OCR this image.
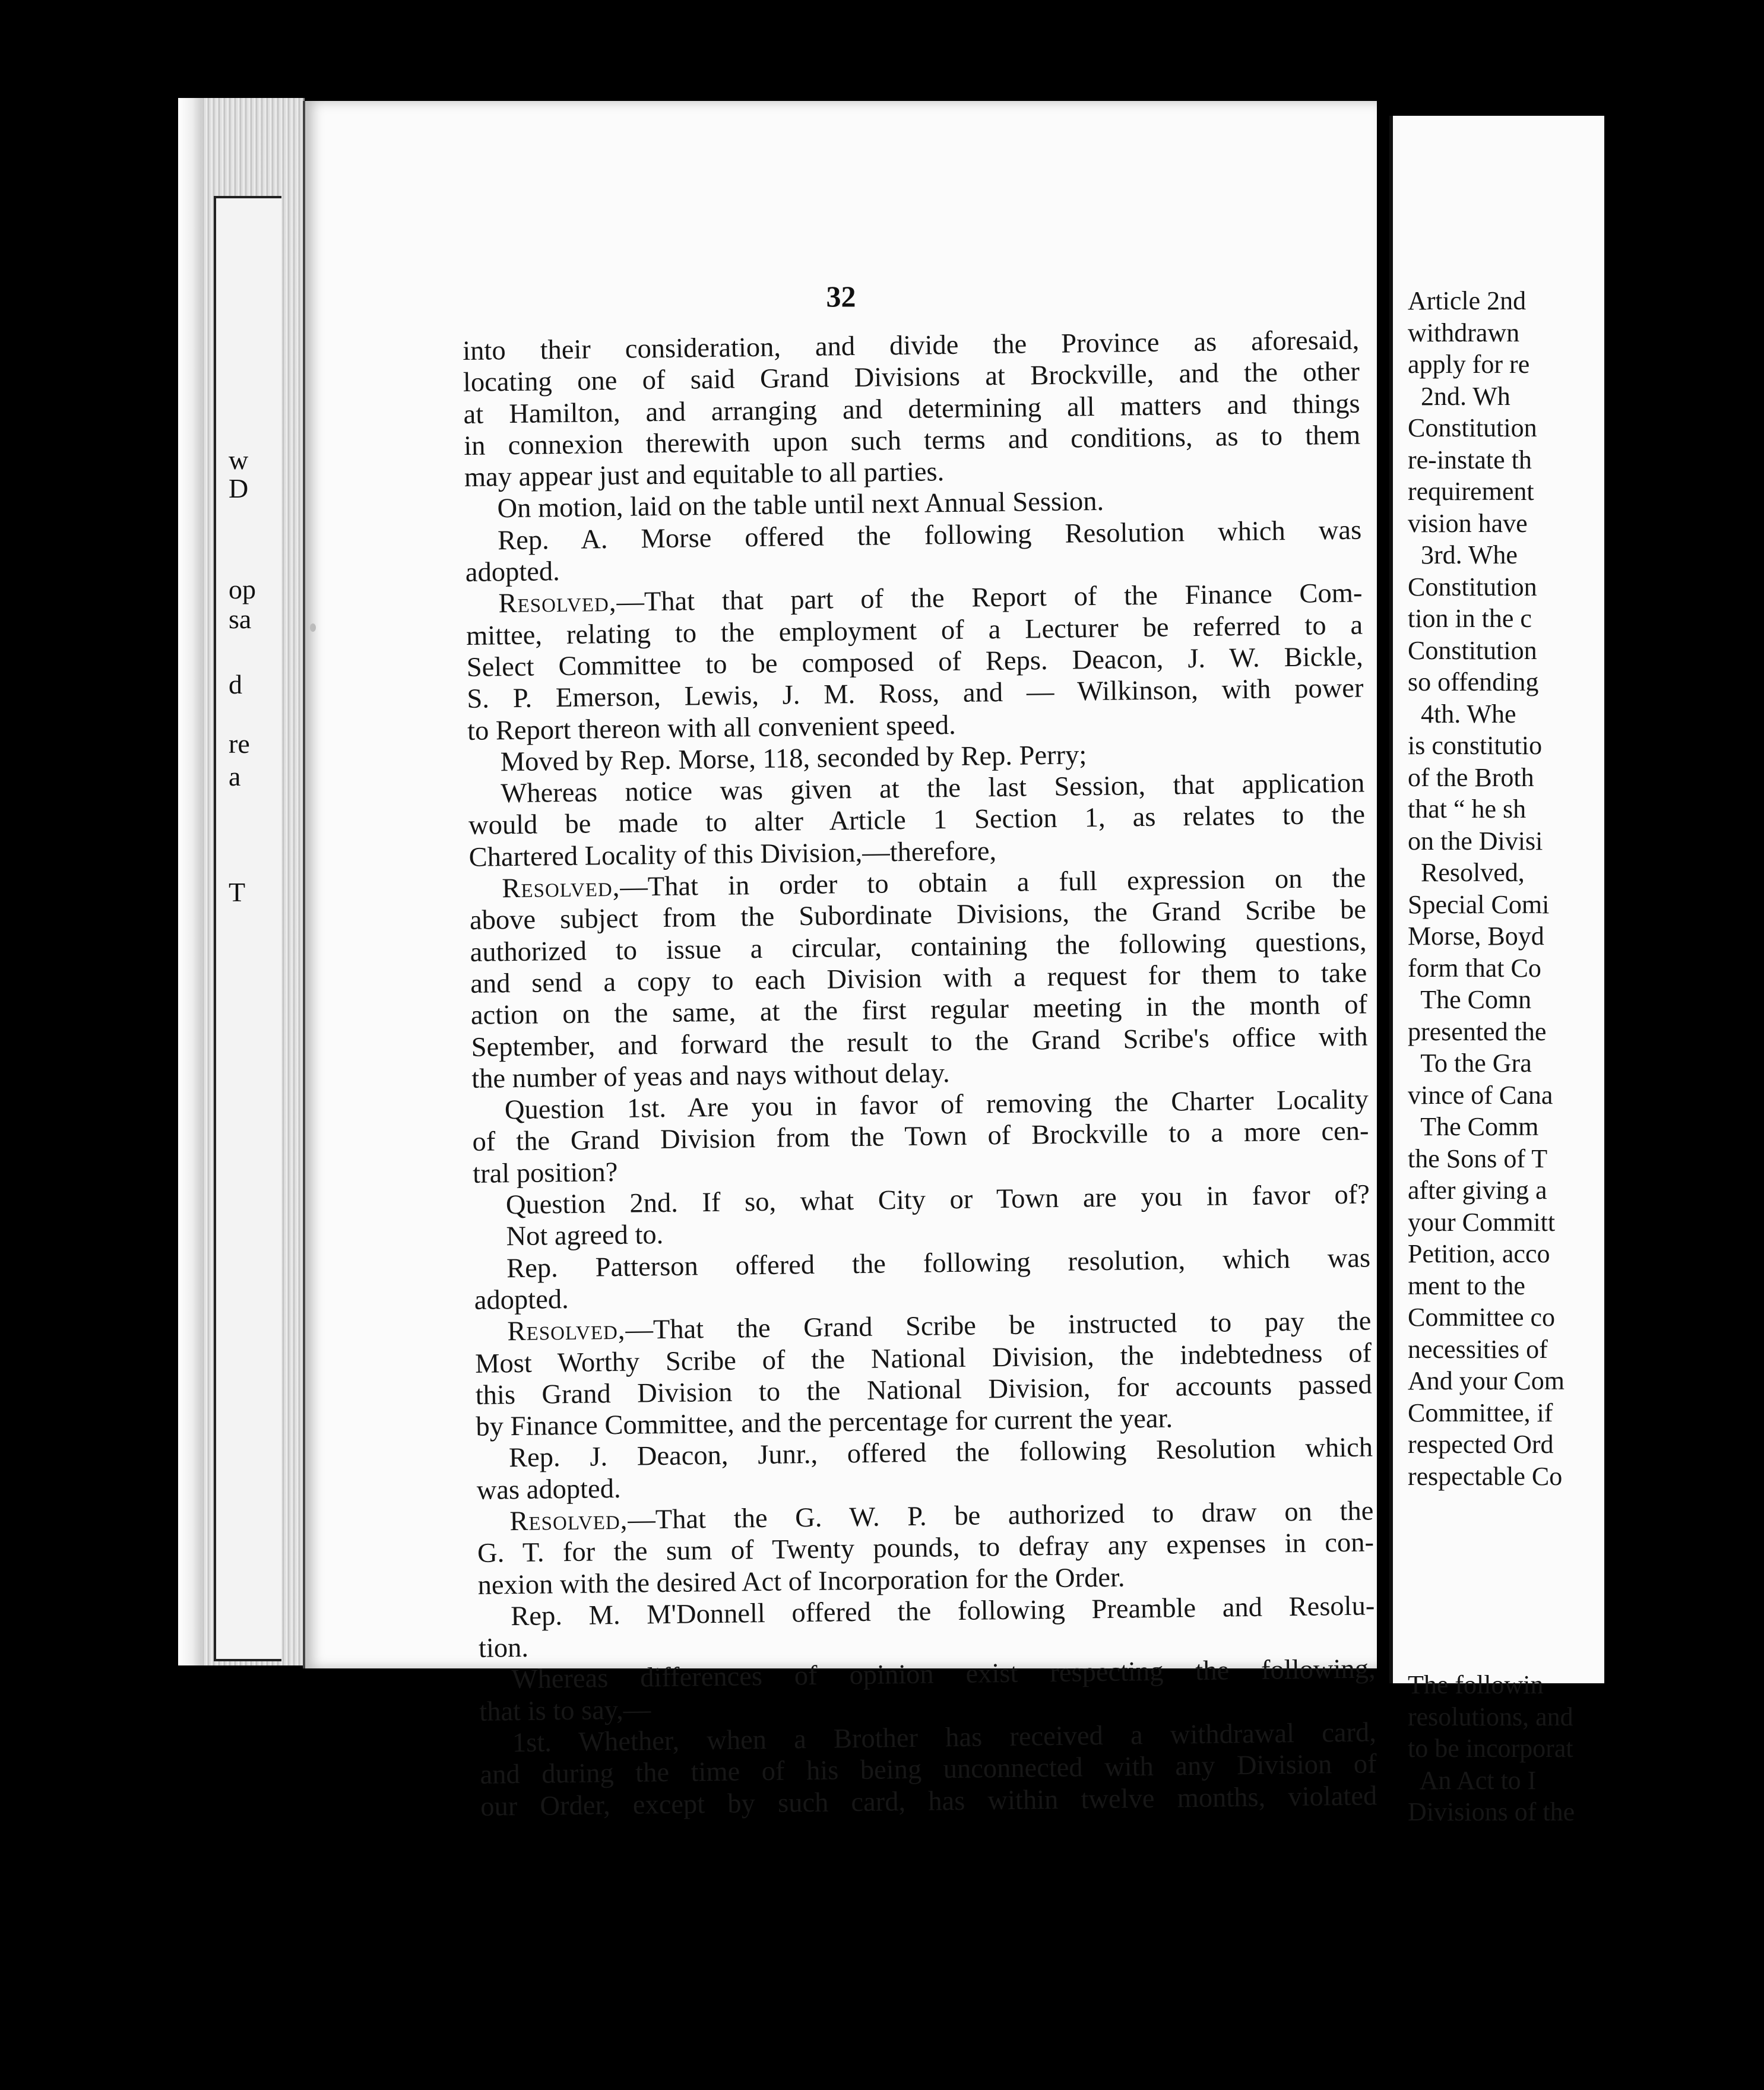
w
D
op
sa
d
re
a
T
32
into their consideration, and divide the Province as aforesaid,
locating one of said Grand Divisions at Brockville, and the other
at Hamilton, and arranging and determining all matters and things
in connexion therewith upon such terms and conditions, as to them
may appear just and equitable to all parties.
On motion, laid on the table until next Annual Session.
Rep. A. Morse offered the following Resolution which was
adopted.
Resolved,—That that part of the Report of the Finance Com-
mittee, relating to the employment of a Lecturer be referred to a
Select Committee to be composed of Reps. Deacon, J. W. Bickle,
S. P. Emerson, Lewis, J. M. Ross, and — Wilkinson, with power
to Report thereon with all convenient speed.
Moved by Rep. Morse, 118, seconded by Rep. Perry;
Whereas notice was given at the last Session, that application
would be made to alter Article 1 Section 1, as relates to the
Chartered Locality of this Division,—therefore,
Resolved,—That in order to obtain a full expression on the
above subject from the Subordinate Divisions, the Grand Scribe be
authorized to issue a circular, containing the following questions,
and send a copy to each Division with a request for them to take
action on the same, at the first regular meeting in the month of
September, and forward the result to the Grand Scribe's office with
the number of yeas and nays without delay.
Question 1st. Are you in favor of removing the Charter Locality
of the Grand Division from the Town of Brockville to a more cen-
tral position?
Question 2nd. If so, what City or Town are you in favor of?
Not agreed to.
Rep. Patterson offered the following resolution, which was
adopted.
Resolved,—That the Grand Scribe be instructed to pay the
Most Worthy Scribe of the National Division, the indebtedness of
this Grand Division to the National Division, for accounts passed
by Finance Committee, and the percentage for current the year.
Rep. J. Deacon, Junr., offered the following Resolution which
was adopted.
Resolved,—That the G. W. P. be authorized to draw on the
G. T. for the sum of Twenty pounds, to defray any expenses in con-
nexion with the desired Act of Incorporation for the Order.
Rep. M. M'Donnell offered the following Preamble and Resolu-
tion.
Whereas differences of opinion exist respecting the following,
that is to say,—
1st. Whether, when a Brother has received a withdrawal card,
and during the time of his being unconnected with any Division of
our Order, except by such card, has within twelve months, violated
Article 2nd
withdrawn
apply for re
2nd. Wh
Constitution
re-instate th
requirement
vision have
3rd. Whe
Constitution
tion in the c
Constitution
so offending
4th. Whe
is constitutio
of the Broth
that “ he sh
on the Divisi
Resolved,
Special Comi
Morse, Boyd
form that Co
The Comn
presented the
To the Gra
vince of Cana
The Comm
the Sons of T
after giving a
your Committ
Petition, acco
ment to the
Committee co
necessities of
And your Com
Committee, if
respected Ord
respectable Co
The followin
resolutions, and
to be incorporat
An Act to I
Divisions of the
